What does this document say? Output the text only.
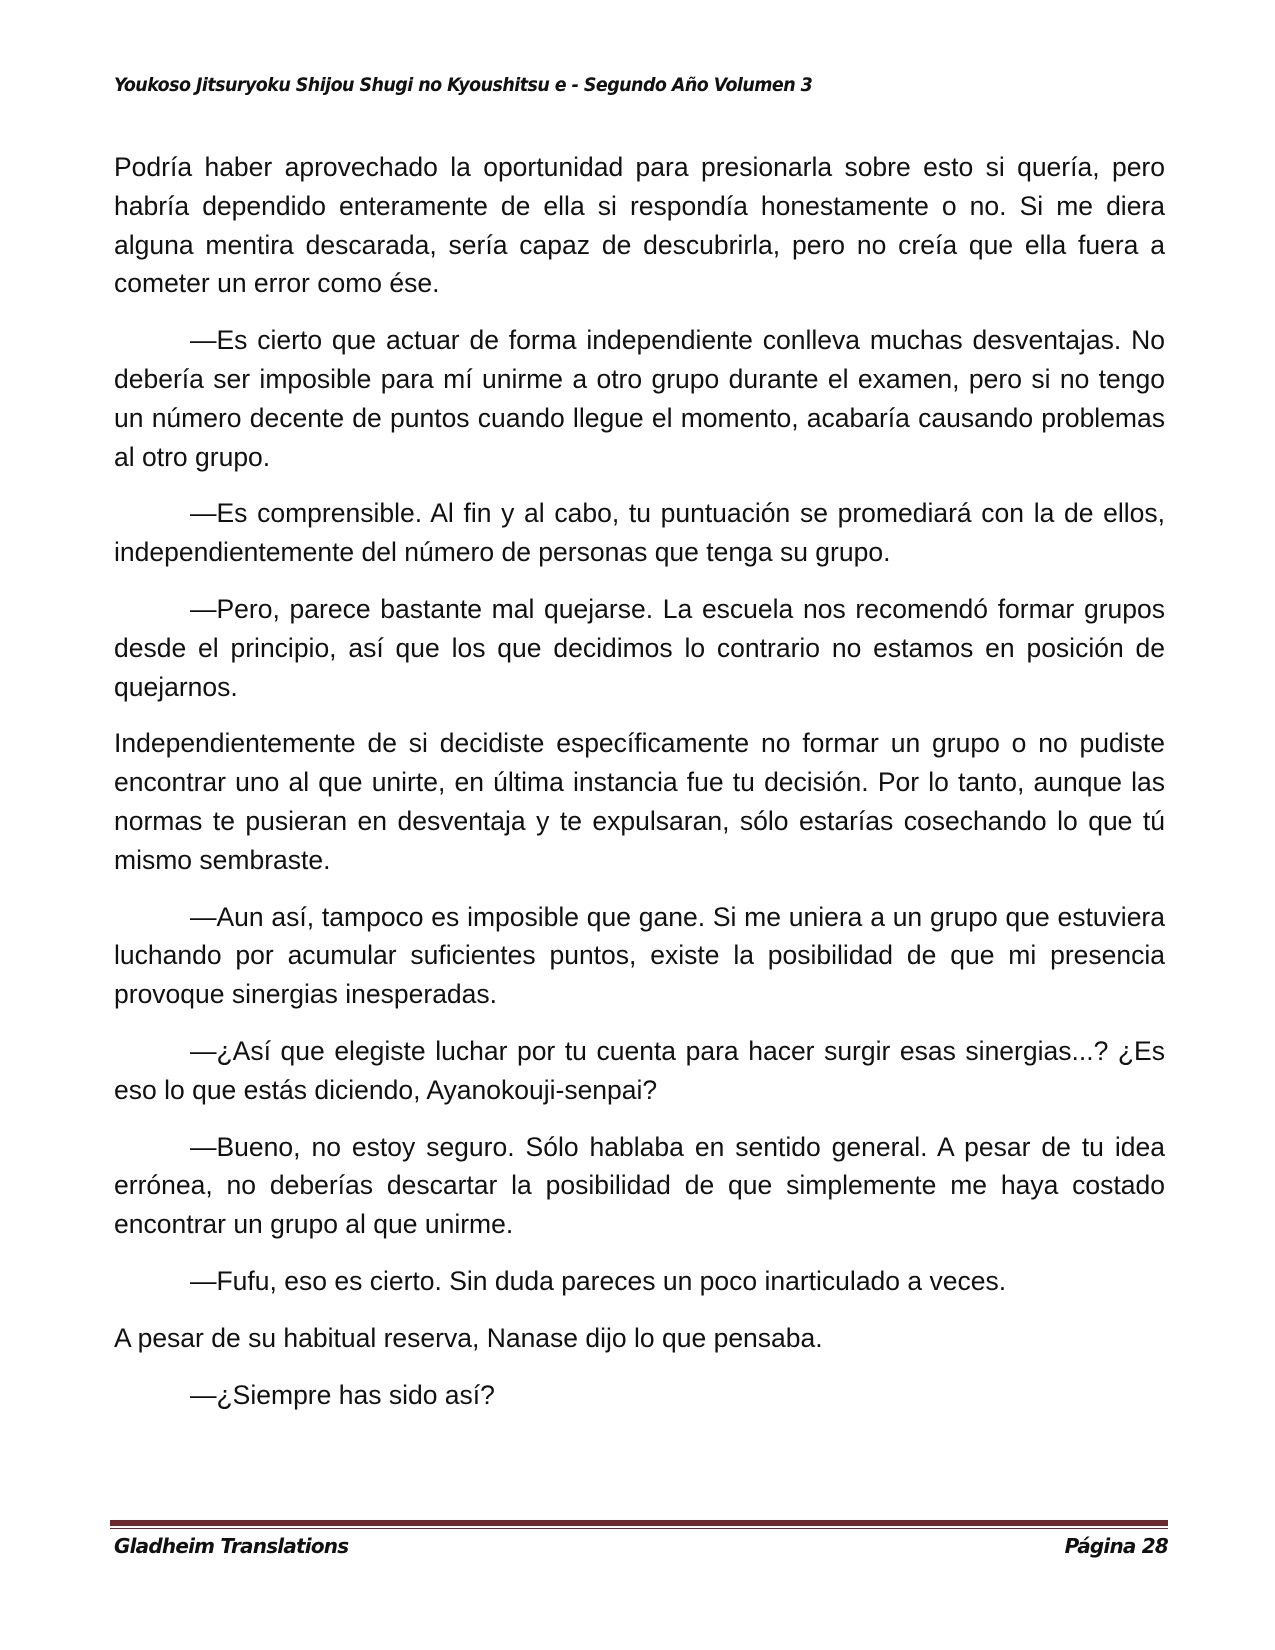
Youkoso Jitsuryoku Shijou Shugi no Kyoushitsu e - Segundo Año Volumen 3

Podría haber aprovechado la oportunidad para presionarla sobre esto si quería, pero habría dependido enteramente de ella si respondía honestamente o no. Si me diera alguna mentira descarada, sería capaz de descubrirla, pero no creía que ella fuera a cometer un error como ése.

—Es cierto que actuar de forma independiente conlleva muchas desventajas. No debería ser imposible para mí unirme a otro grupo durante el examen, pero si no tengo un número decente de puntos cuando llegue el momento, acabaría causando problemas al otro grupo.

—Es comprensible. Al fin y al cabo, tu puntuación se promediará con la de ellos, independientemente del número de personas que tenga su grupo.

—Pero, parece bastante mal quejarse. La escuela nos recomendó formar grupos desde el principio, así que los que decidimos lo contrario no estamos en posición de quejarnos.

Independientemente de si decidiste específicamente no formar un grupo o no pudiste encontrar uno al que unirte, en última instancia fue tu decisión. Por lo tanto, aunque las normas te pusieran en desventaja y te expulsaran, sólo estarías cosechando lo que tú mismo sembraste.

—Aun así, tampoco es imposible que gane. Si me uniera a un grupo que estuviera luchando por acumular suficientes puntos, existe la posibilidad de que mi presencia provoque sinergias inesperadas.

—¿Así que elegiste luchar por tu cuenta para hacer surgir esas sinergias...? ¿Es eso lo que estás diciendo, Ayanokouji-senpai?

—Bueno, no estoy seguro. Sólo hablaba en sentido general. A pesar de tu idea errónea, no deberías descartar la posibilidad de que simplemente me haya costado encontrar un grupo al que unirme.

—Fufu, eso es cierto. Sin duda pareces un poco inarticulado a veces.

A pesar de su habitual reserva, Nanase dijo lo que pensaba.

—¿Siempre has sido así?

Gladheim Translations	Página 28
